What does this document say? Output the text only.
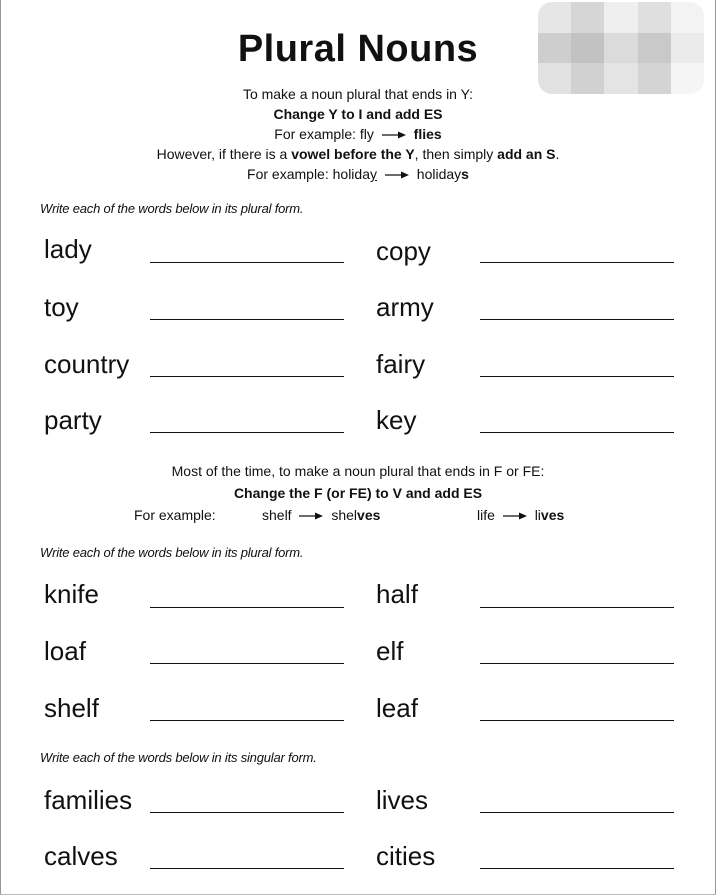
Plural Nouns
To make a noun plural that ends in Y:
Change Y to I and add ES
For example: fly	flies
However, if there is a vowel before the Y, then simply add an S.
For example: holiday	holidays
Write each of the words below in its plural form.
lady	copy
toy	army
country	fairy
party	key
Most of the time, to make a noun plural that ends in F or FE:
Change the F (or FE) to V and add ES
For example:	shelf	shelves	life	lives
Write each of the words below in its plural form.
knife	half
loaf	elf
shelf	leaf
Write each of the words below in its singular form.
families	lives
calves	cities
